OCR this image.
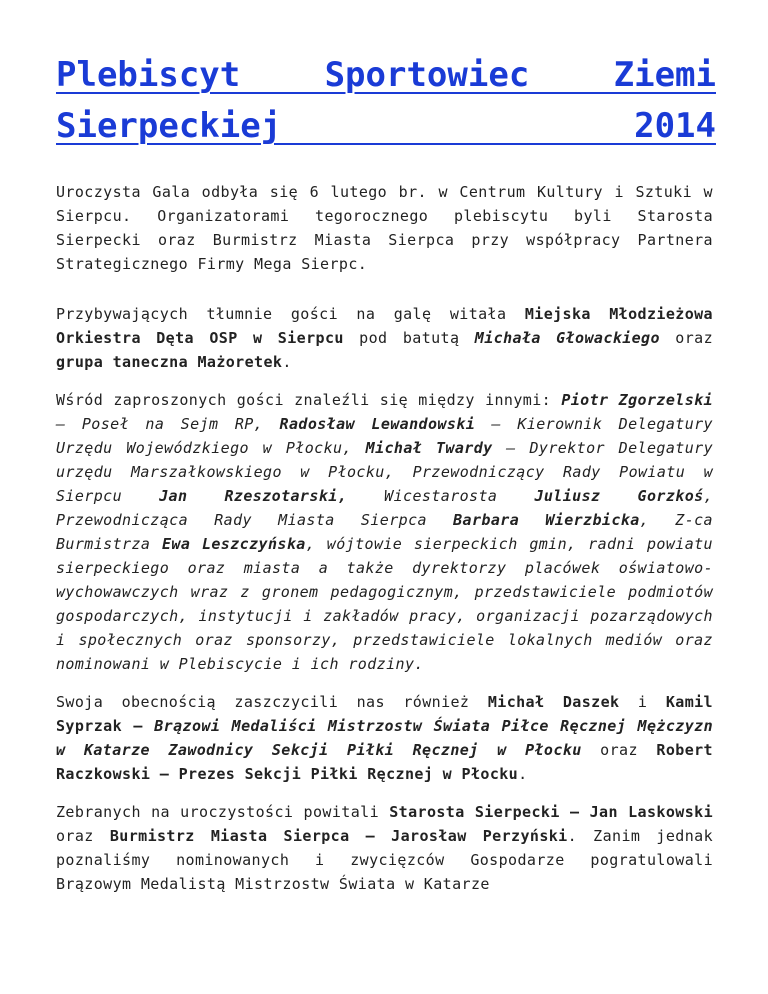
Plebiscyt Sportowiec Ziemi Sierpeckiej 2014

Uroczysta Gala odbyła się 6 lutego br. w Centrum Kultury i Sztuki w Sierpcu. Organizatorami tegorocznego plebiscytu byli Starosta Sierpecki oraz Burmistrz Miasta Sierpca przy współpracy Partnera Strategicznego Firmy Mega Sierpc.

Przybywających tłumnie gości na galę witała Miejska Młodzieżowa Orkiestra Dęta OSP w Sierpcu pod batutą Michała Głowackiego oraz grupa taneczna Mażoretek.

Wśród zaproszonych gości znaleźli się między innymi: Piotr Zgorzelski – Poseł na Sejm RP, Radosław Lewandowski – Kierownik Delegatury Urzędu Wojewódzkiego w Płocku, Michał Twardy – Dyrektor Delegatury urzędu Marszałkowskiego w Płocku, Przewodniczący Rady Powiatu w Sierpcu Jan Rzeszotarski, Wicestarosta Juliusz Gorzkoś, Przewodnicząca Rady Miasta Sierpca Barbara Wierzbicka, Z-ca Burmistrza Ewa Leszczyńska, wójtowie sierpeckich gmin, radni powiatu sierpeckiego oraz miasta a także dyrektorzy placówek oświatowo-wychowawczych wraz z gronem pedagogicznym, przedstawiciele podmiotów gospodarczych, instytucji i zakładów pracy, organizacji pozarządowych i społecznych oraz sponsorzy, przedstawiciele lokalnych mediów oraz nominowani w Plebiscycie i ich rodziny.

Swoja obecnością zaszczycili nas również Michał Daszek i Kamil Syprzak – Brązowi Medaliści Mistrzostw Świata Piłce Ręcznej Mężczyzn w Katarze Zawodnicy Sekcji Piłki Ręcznej w Płocku oraz Robert Raczkowski – Prezes Sekcji Piłki Ręcznej w Płocku.

Zebranych na uroczystości powitali Starosta Sierpecki – Jan Laskowski oraz Burmistrz Miasta Sierpca – Jarosław Perzyński. Zanim jednak poznaliśmy nominowanych i zwycięzców Gospodarze pogratulowali Brązowym Medalistą Mistrzostw Świata w Katarze
